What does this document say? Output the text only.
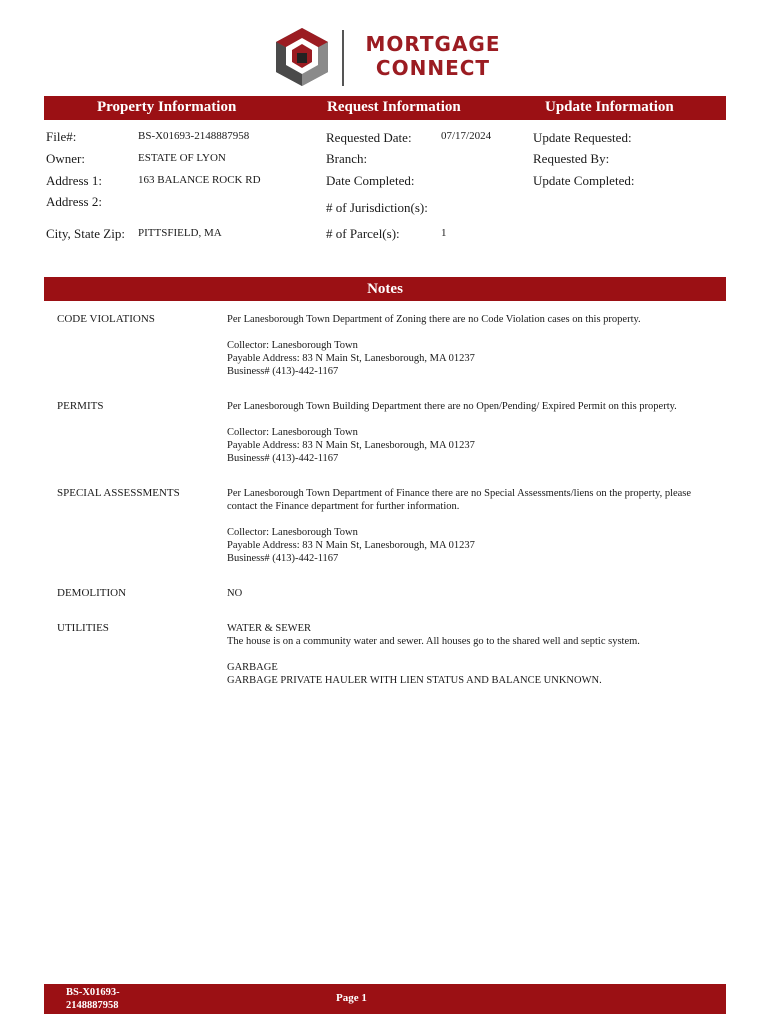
MORTGAGE
CONNECT
Property Information	Request Information	Update Information
File#:	BS-X01693-2148887958
Owner:	ESTATE OF LYON
Address 1:	163 BALANCE ROCK RD
Address 2:
City, State Zip: PITTSFIELD, MA
Requested Date:	07/17/2024
Branch:
Date Completed:
# of Jurisdiction(s):
# of Parcel(s):	1
Update Requested:
Requested By:
Update Completed:
Notes
CODE VIOLATIONS	Per Lanesborough Town Department of Zoning there are no Code Violation cases on this property.
Collector: Lanesborough Town
Payable Address: 83 N Main St, Lanesborough, MA 01237
Business# (413)-442-1167
PERMITS	Per Lanesborough Town Building Department there are no Open/Pending/ Expired Permit on this property.
Collector: Lanesborough Town
Payable Address: 83 N Main St, Lanesborough, MA 01237
Business# (413)-442-1167
SPECIAL ASSESSMENTS	Per Lanesborough Town Department of Finance there are no Special Assessments/liens on the property, please
contact the Finance department for further information.
Collector: Lanesborough Town
Payable Address: 83 N Main St, Lanesborough, MA 01237
Business# (413)-442-1167
DEMOLITION	NO
UTILITIES	WATER & SEWER
The house is on a community water and sewer. All houses go to the shared well and septic system.
GARBAGE
GARBAGE PRIVATE HAULER WITH LIEN STATUS AND BALANCE UNKNOWN.
BS-X01693-
2148887958
Page 1
